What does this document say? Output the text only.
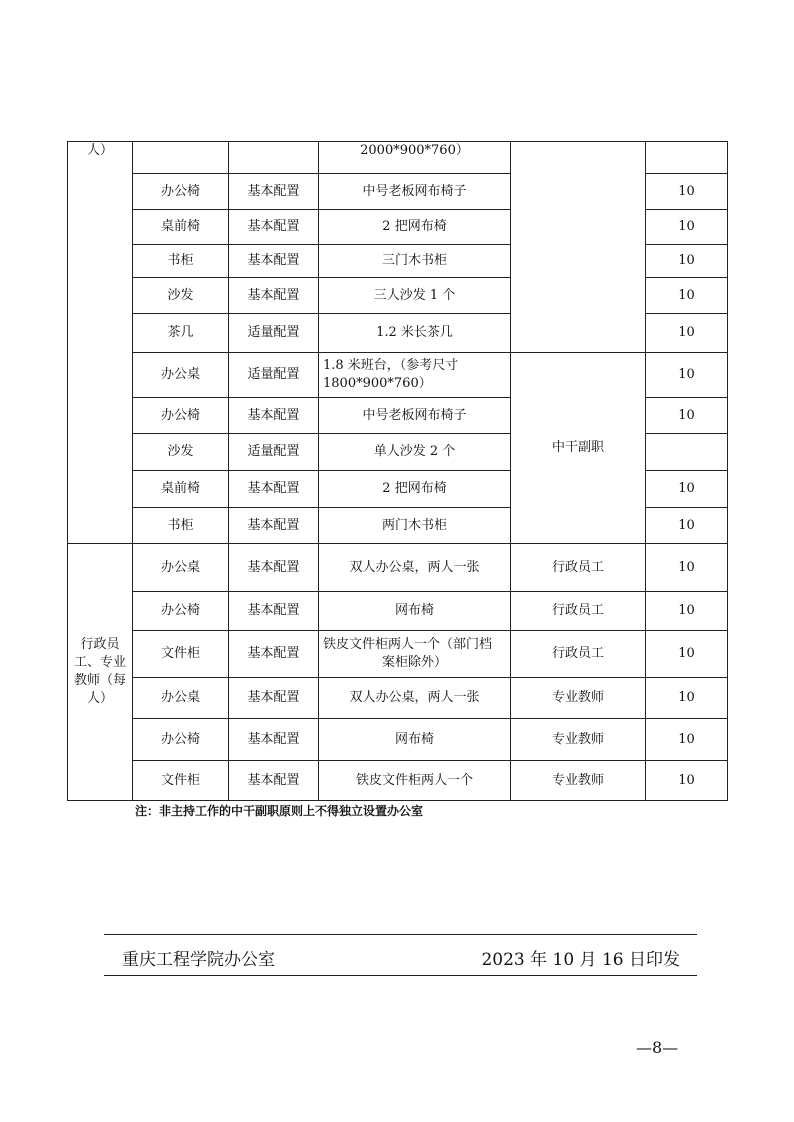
人）			2000*900*760）		
	办公椅	基本配置	中号老板网布椅子		10
	桌前椅	基本配置	2 把网布椅		10
	书柜	基本配置	三门木书柜		10
	沙发	基本配置	三人沙发 1 个		10
	茶几	适量配置	1.2 米长茶几		10
	办公桌	适量配置	1.8 米班台，（参考尺寸
1800*900*760）	中干副职	10
	办公椅	基本配置	中号老板网布椅子		10
	沙发	适量配置	单人沙发 2 个		
	桌前椅	基本配置	2 把网布椅		10
	书柜	基本配置	两门木书柜		10
行政员工、专业教师（每人）	办公桌	基本配置	双人办公桌，两人一张	行政员工	10
	办公椅	基本配置	网布椅	行政员工	10
	文件柜	基本配置	铁皮文件柜两人一个（部门档
案柜除外）	行政员工	10
	办公桌	基本配置	双人办公桌，两人一张	专业教师	10
	办公椅	基本配置	网布椅	专业教师	10
	文件柜	基本配置	铁皮文件柜两人一个	专业教师	10
注：非主持工作的中干副职原则上不得独立设置办公室
重庆工程学院办公室	2023 年 10 月 16 日印发
—8—
